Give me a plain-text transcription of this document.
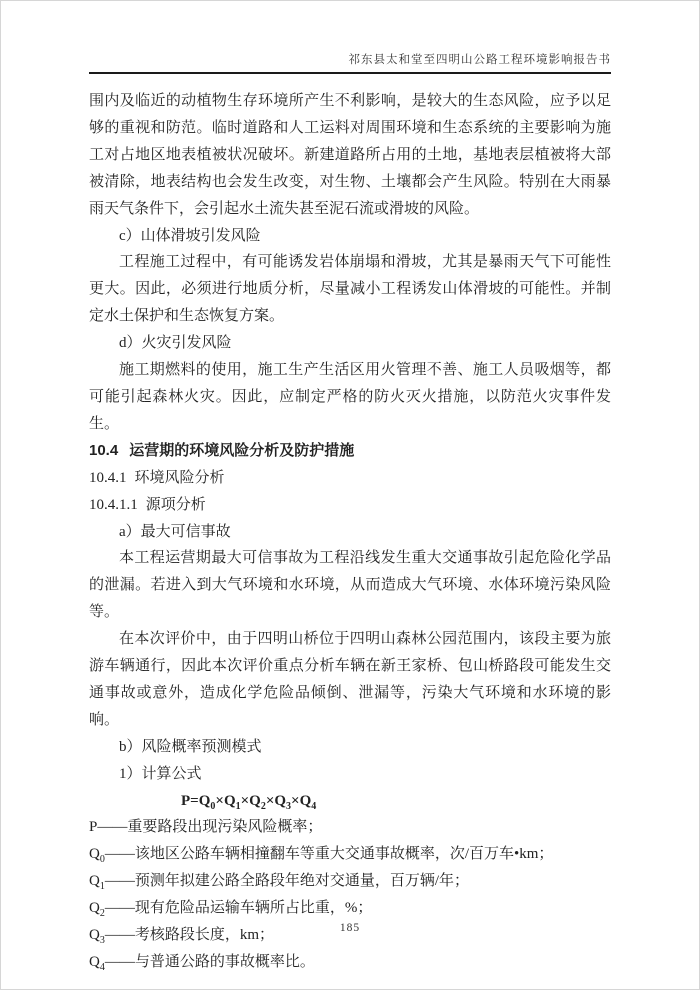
祁东县太和堂至四明山公路工程环境影响报告书

围内及临近的动植物生存环境所产生不利影响，是较大的生态风险，应予以足够的重视和防范。临时道路和人工运料对周围环境和生态系统的主要影响为施工对占地区地表植被状况破坏。新建道路所占用的土地，基地表层植被将大部被清除，地表结构也会发生改变，对生物、土壤都会产生风险。特别在大雨暴雨天气条件下，会引起水土流失甚至泥石流或滑坡的风险。

c）山体滑坡引发风险

工程施工过程中，有可能诱发岩体崩塌和滑坡，尤其是暴雨天气下可能性更大。因此，必须进行地质分析，尽量减小工程诱发山体滑坡的可能性。并制定水土保护和生态恢复方案。

d）火灾引发风险

施工期燃料的使用，施工生产生活区用火管理不善、施工人员吸烟等，都可能引起森林火灾。因此，应制定严格的防火灭火措施，以防范火灾事件发生。

10.4 运营期的环境风险分析及防护措施

10.4.1 环境风险分析

10.4.1.1 源项分析

a）最大可信事故

本工程运营期最大可信事故为工程沿线发生重大交通事故引起危险化学品的泄漏。若进入到大气环境和水环境，从而造成大气环境、水体环境污染风险等。

在本次评价中，由于四明山桥位于四明山森林公园范围内，该段主要为旅游车辆通行，因此本次评价重点分析车辆在新王家桥、包山桥路段可能发生交通事故或意外，造成化学危险品倾倒、泄漏等，污染大气环境和水环境的影响。

b）风险概率预测模式

1）计算公式

$P=Q_0\times Q_1\times Q_2\times Q_3\times Q_4$

P——重要路段出现污染风险概率；

$Q_0——$该地区公路车辆相撞翻车等重大交通事故概率，次/百万车•km；

$Q_1——$预测年拟建公路全路段年绝对交通量，百万辆/年；

$Q_2——$现有危险品运输车辆所占比重，%；

$Q_3——$考核路段长度，km；

$Q_4——$与普通公路的事故概率比。

185
